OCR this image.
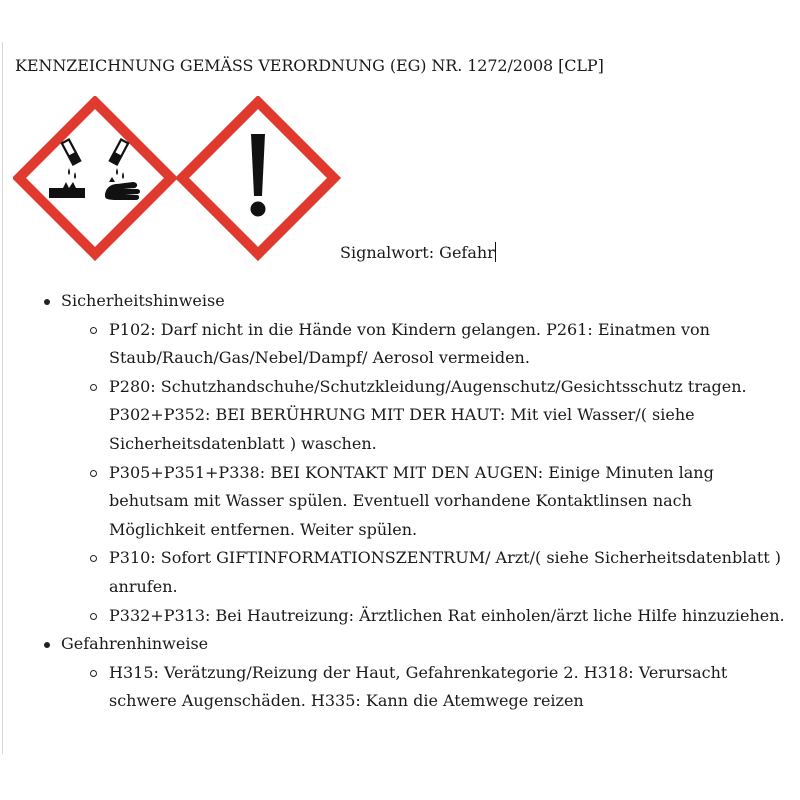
KENNZEICHNUNG GEMÄSS VERORDNUNG (EG) NR. 1272/2008 [CLP]
Signalwort: Gefahr
Sicherheitshinweise
P102: Darf nicht in die Hände von Kindern gelangen. P261: Einatmen von Staub/Rauch/Gas/Nebel/Dampf/ Aerosol vermeiden.
P280: Schutzhandschuhe/Schutzkleidung/Augenschutz/Gesichtsschutz tragen. P302+P352: BEI BERÜHRUNG MIT DER HAUT: Mit viel Wasser/( siehe Sicherheitsdatenblatt ) waschen.
P305+P351+P338: BEI KONTAKT MIT DEN AUGEN: Einige Minuten lang behutsam mit Wasser spülen. Eventuell vorhandene Kontaktlinsen nach Möglichkeit entfernen. Weiter spülen.
P310: Sofort GIFTINFORMATIONSZENTRUM/ Arzt/( siehe Sicherheitsdatenblatt ) anrufen.
P332+P313: Bei Hautreizung: Ärztlichen Rat einholen/ärzt liche Hilfe hinzuziehen.
Gefahrenhinweise
H315: Verätzung/Reizung der Haut, Gefahrenkategorie 2. H318: Verursacht schwere Augenschäden. H335: Kann die Atemwege reizen
